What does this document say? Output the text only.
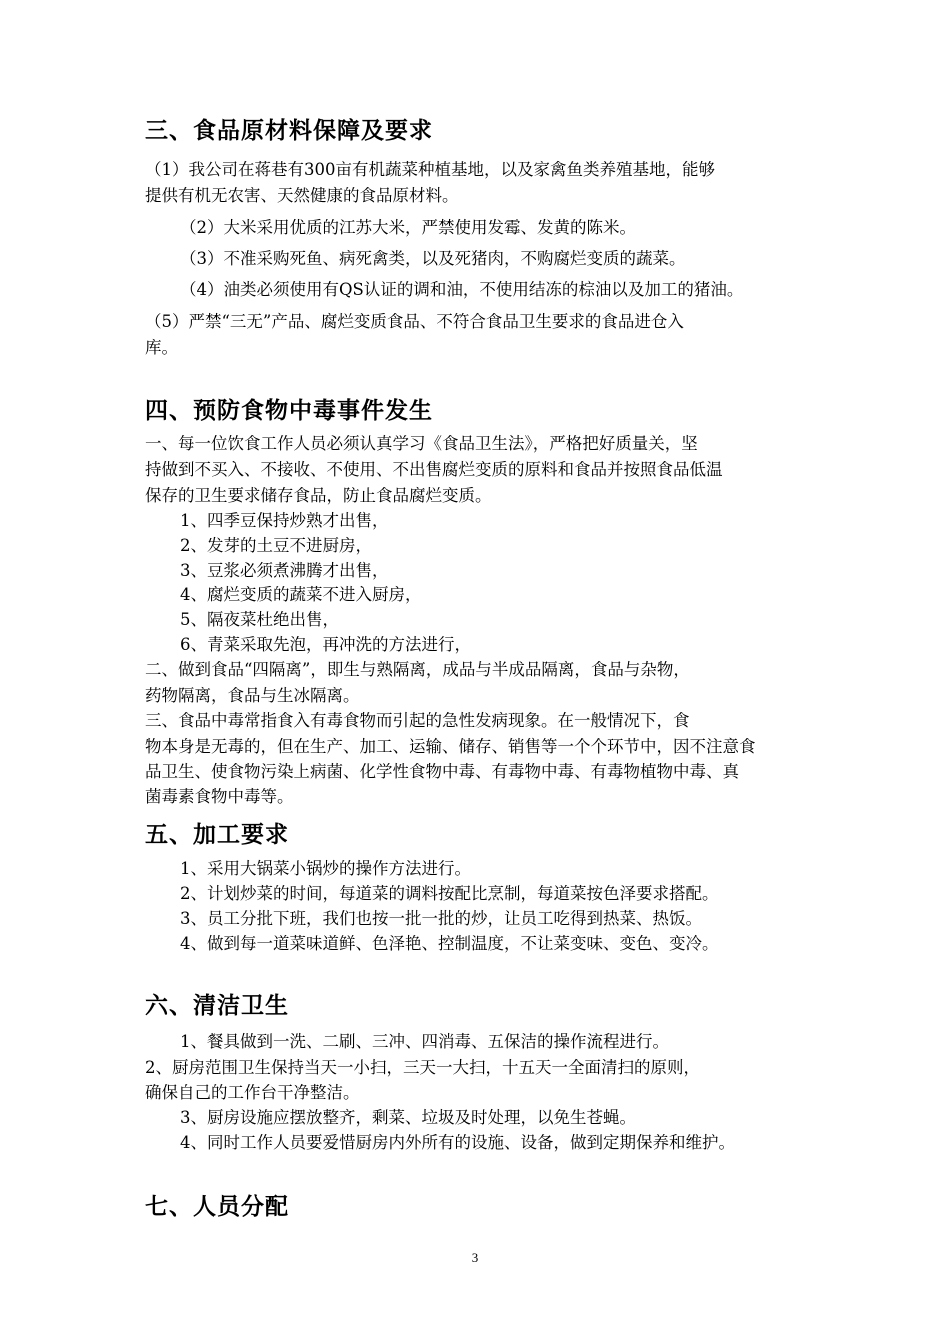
三、食品原材料保障及要求
（1）我公司在蒋巷有300亩有机蔬菜种植基地，以及家禽鱼类养殖基地，能够
提供有机无农害、天然健康的食品原材料。
（2）大米采用优质的江苏大米，严禁使用发霉、发黄的陈米。
（3）不准采购死鱼、病死禽类，以及死猪肉，不购腐烂变质的蔬菜。
（4）油类必须使用有QS认证的调和油，不使用结冻的棕油以及加工的猪油。
（5）严禁“三无”产品、腐烂变质食品、不符合食品卫生要求的食品进仓入
库。
四、预防食物中毒事件发生
一、每一位饮食工作人员必须认真学习《食品卫生法》，严格把好质量关，坚
持做到不买入、不接收、不使用、不出售腐烂变质的原料和食品并按照食品低温
保存的卫生要求储存食品，防止食品腐烂变质。
1、四季豆保持炒熟才出售，
2、发芽的土豆不进厨房，
3、豆浆必须煮沸腾才出售，
4、腐烂变质的蔬菜不进入厨房，
5、隔夜菜杜绝出售，
6、青菜采取先泡，再冲洗的方法进行，
二、做到食品“四隔离”，即生与熟隔离，成品与半成品隔离，食品与杂物，
药物隔离，食品与生冰隔离。
三、食品中毒常指食入有毒食物而引起的急性发病现象。在一般情况下，食
物本身是无毒的，但在生产、加工、运输、储存、销售等一个个环节中，因不注意食
品卫生、使食物污染上病菌、化学性食物中毒、有毒物中毒、有毒物植物中毒、真
菌毒素食物中毒等。
五、加工要求
1、采用大锅菜小锅炒的操作方法进行。
2、计划炒菜的时间，每道菜的调料按配比烹制，每道菜按色泽要求搭配。
3、员工分批下班，我们也按一批一批的炒，让员工吃得到热菜、热饭。
4、做到每一道菜味道鲜、色泽艳、控制温度，不让菜变味、变色、变冷。
六、清洁卫生
1、餐具做到一洗、二刷、三冲、四消毒、五保洁的操作流程进行。
2、厨房范围卫生保持当天一小扫，三天一大扫，十五天一全面清扫的原则，
确保自己的工作台干净整洁。
3、厨房设施应摆放整齐，剩菜、垃圾及时处理，以免生苍蝇。
4、同时工作人员要爱惜厨房内外所有的设施、设备，做到定期保养和维护。
七、人员分配
3
